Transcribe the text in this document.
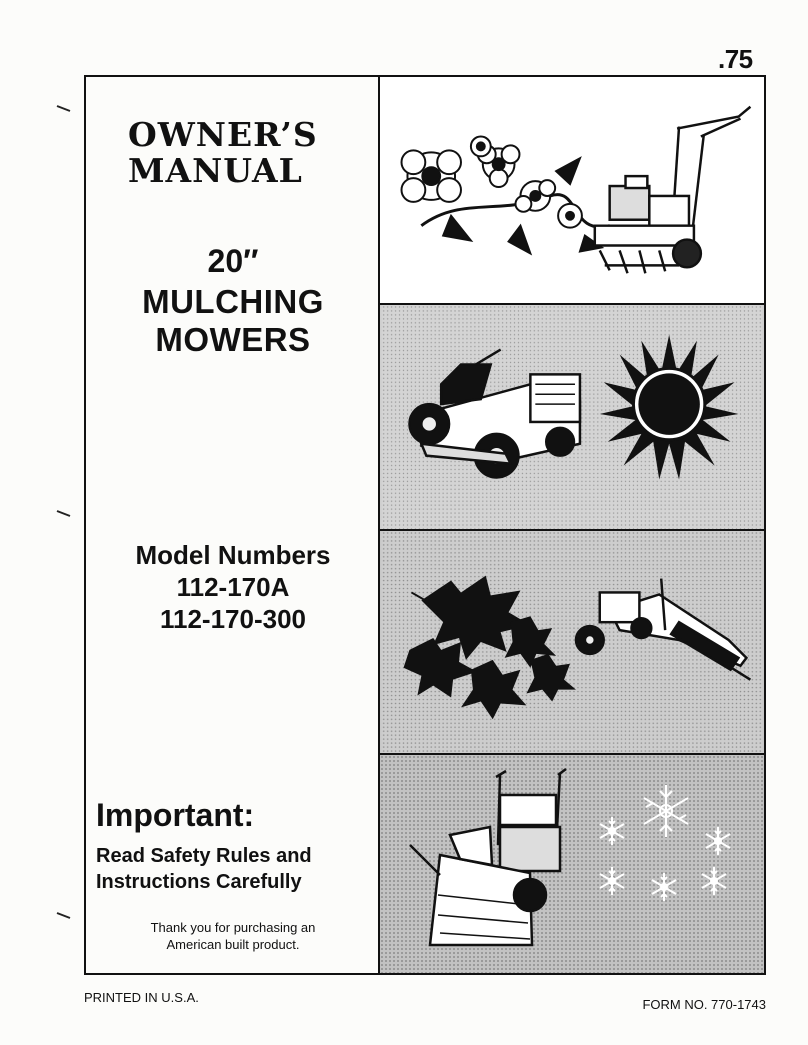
.75
OWNER’S
MANUAL
20″
MULCHING
MOWERS
Model Numbers
112-170A
112-170-300
Important:
Read Safety Rules and
Instructions Carefully
Thank you for purchasing an
American built product.
PRINTED IN U.S.A.	FORM NO. 770-1743
